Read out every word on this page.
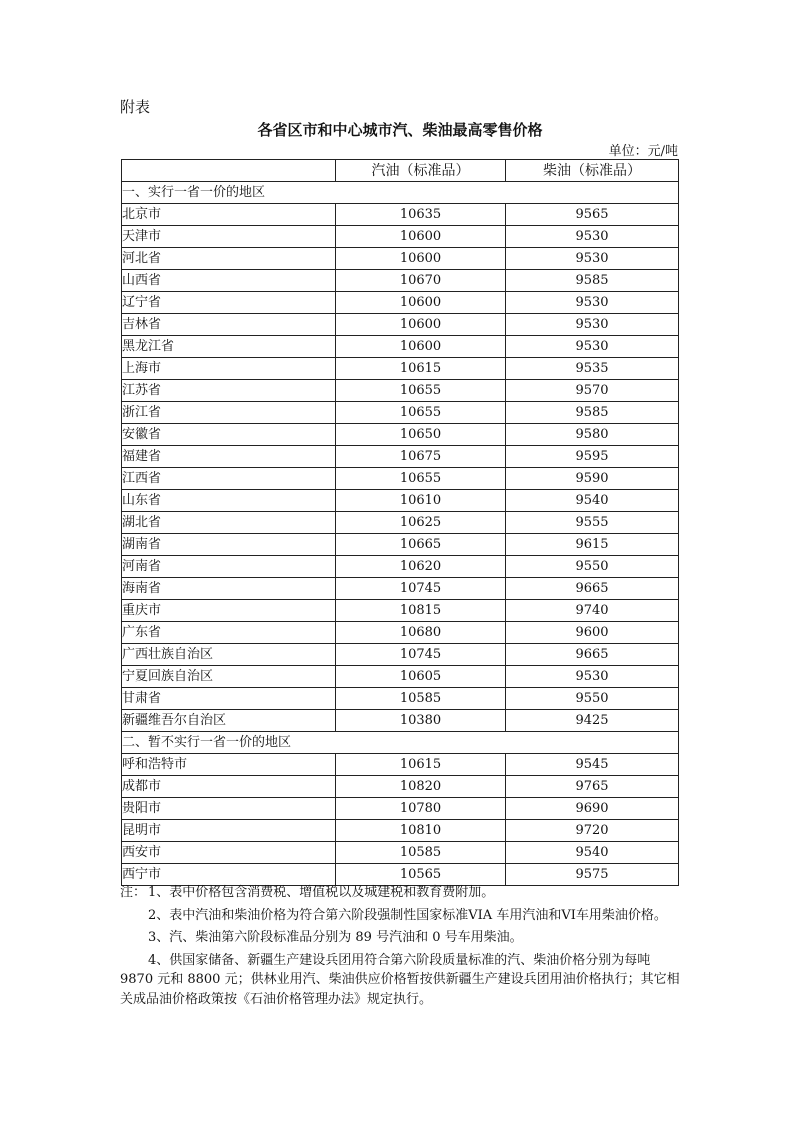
附表
各省区市和中心城市汽、柴油最高零售价格
单位：元/吨
	汽油（标准品）	柴油（标准品）
一、实行一省一价的地区		
北京市	10635	9565
天津市	10600	9530
河北省	10600	9530
山西省	10670	9585
辽宁省	10600	9530
吉林省	10600	9530
黑龙江省	10600	9530
上海市	10615	9535
江苏省	10655	9570
浙江省	10655	9585
安徽省	10650	9580
福建省	10675	9595
江西省	10655	9590
山东省	10610	9540
湖北省	10625	9555
湖南省	10665	9615
河南省	10620	9550
海南省	10745	9665
重庆市	10815	9740
广东省	10680	9600
广西壮族自治区	10745	9665
宁夏回族自治区	10605	9530
甘肃省	10585	9550
新疆维吾尔自治区	10380	9425
二、暂不实行一省一价的地区		
呼和浩特市	10615	9545
成都市	10820	9765
贵阳市	10780	9690
昆明市	10810	9720
西安市	10585	9540
西宁市	10565	9575
注： 1、表中价格包含消费税、增值税以及城建税和教育费附加。
2、表中汽油和柴油价格为符合第六阶段强制性国家标准VIA 车用汽油和VI车用柴油价格。
3、汽、柴油第六阶段标准品分别为 89 号汽油和 0 号车用柴油。
4、供国家储备、新疆生产建设兵团用符合第六阶段质量标准的汽、柴油价格分别为每吨 9870 元和 8800 元；供林业用汽、柴油供应价格暂按供新疆生产建设兵团用油价格执行；其它相关成品油价格政策按《石油价格管理办法》规定执行。
